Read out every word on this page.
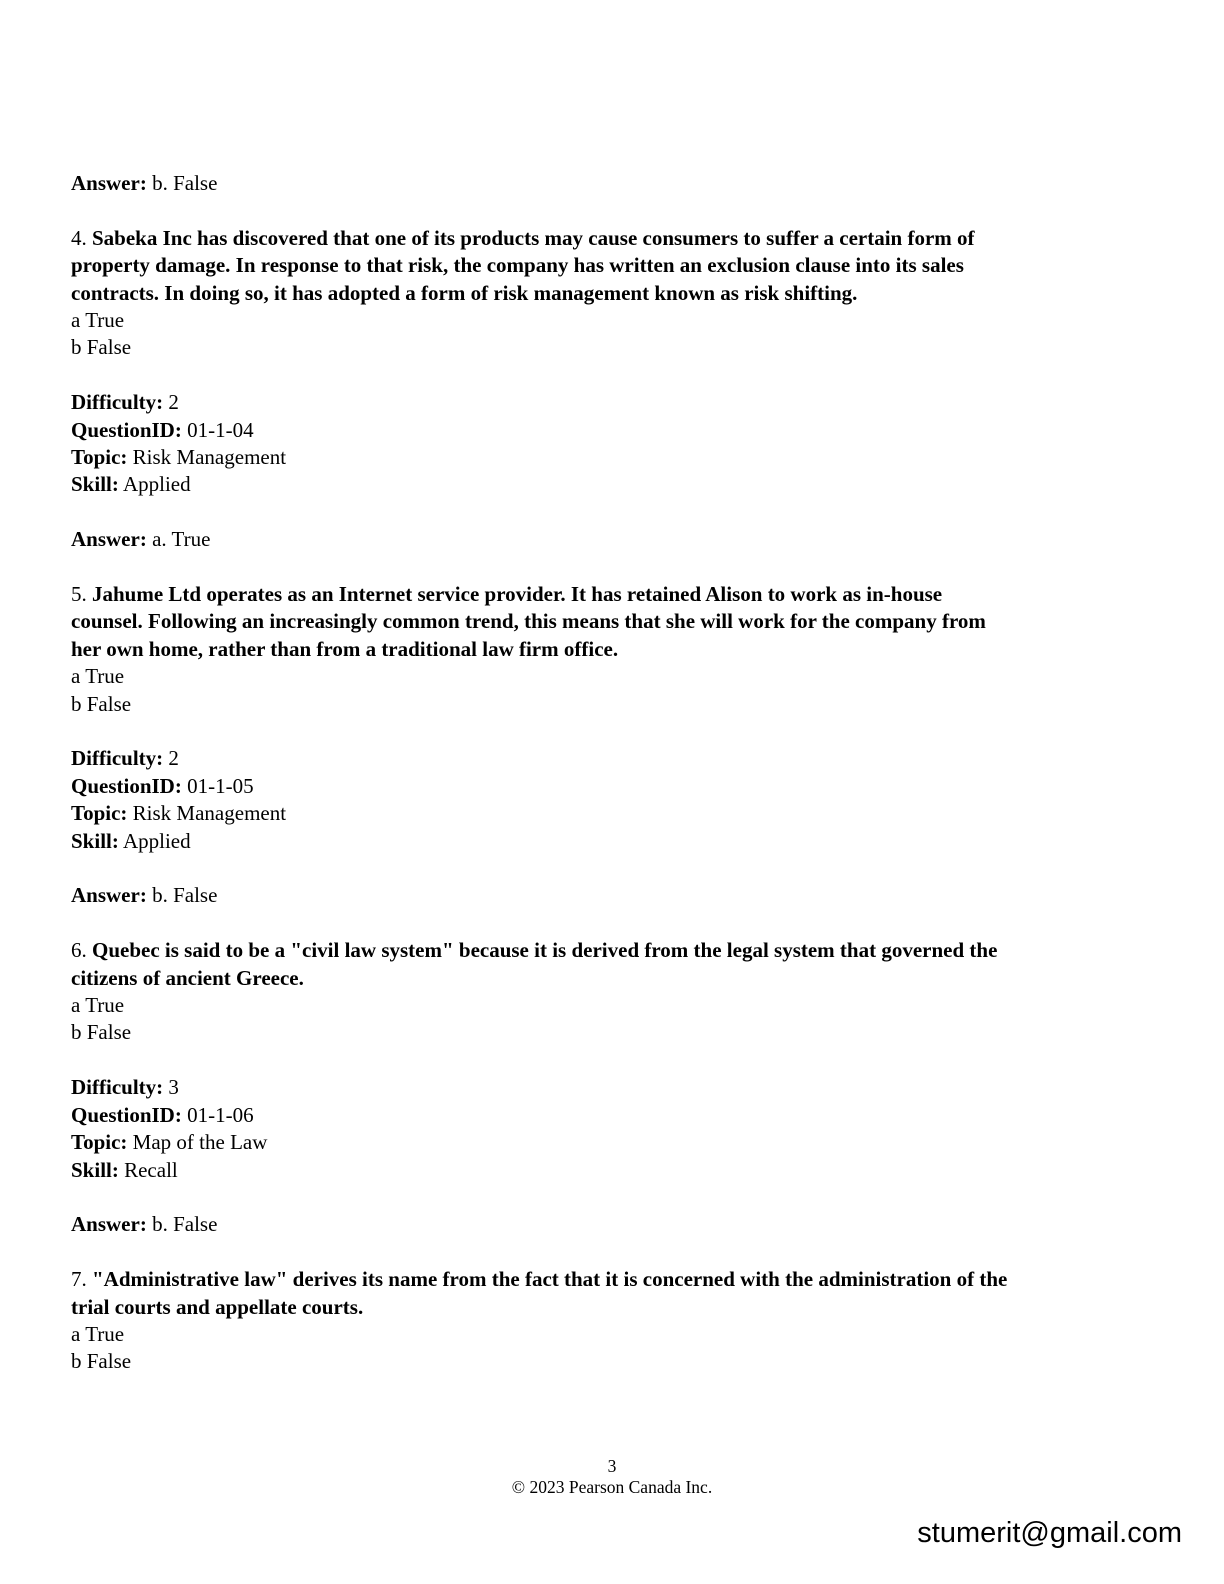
Answer: b. False
4. Sabeka Inc has discovered that one of its products may cause consumers to suffer a certain form of
property damage. In response to that risk, the company has written an exclusion clause into its sales
contracts. In doing so, it has adopted a form of risk management known as risk shifting.
a True
b False
Difficulty: 2
QuestionID: 01-1-04
Topic: Risk Management
Skill: Applied
Answer: a. True
5. Jahume Ltd operates as an Internet service provider. It has retained Alison to work as in-house
counsel. Following an increasingly common trend, this means that she will work for the company from
her own home, rather than from a traditional law firm office.
a True
b False
Difficulty: 2
QuestionID: 01-1-05
Topic: Risk Management
Skill: Applied
Answer: b. False
6. Quebec is said to be a "civil law system" because it is derived from the legal system that governed the
citizens of ancient Greece.
a True
b False
Difficulty: 3
QuestionID: 01-1-06
Topic: Map of the Law
Skill: Recall
Answer: b. False
7. "Administrative law" derives its name from the fact that it is concerned with the administration of the
trial courts and appellate courts.
a True
b False
3
© 2023 Pearson Canada Inc.
stumerit@gmail.com
